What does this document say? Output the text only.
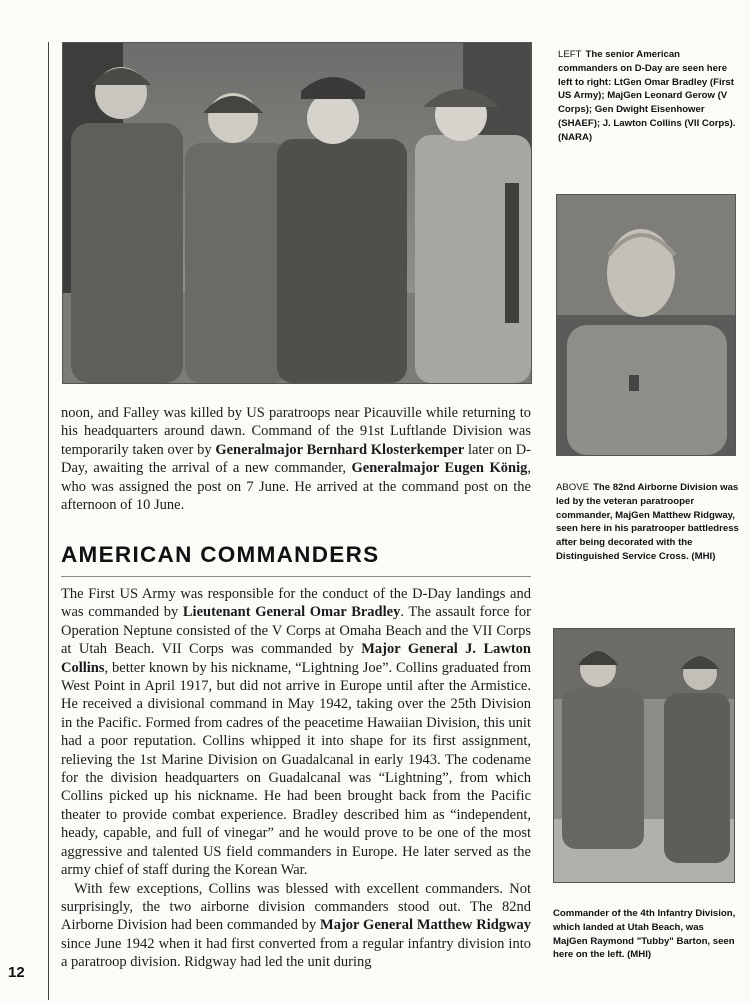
12
LEFT The senior American commanders on D-Day are seen here left to right: LtGen Omar Bradley (First US Army); MajGen Leonard Gerow (V Corps); Gen Dwight Eisenhower (SHAEF); J. Lawton Collins (VII Corps). (NARA)
ABOVE The 82nd Airborne Division was led by the veteran paratrooper commander, MajGen Matthew Ridgway, seen here in his paratrooper battledress after being decorated with the Distinguished Service Cross. (MHI)
Commander of the 4th Infantry Division, which landed at Utah Beach, was MajGen Raymond "Tubby" Barton, seen here on the left. (MHI)

noon, and Falley was killed by US paratroops near Picauville while returning to his headquarters around dawn. Command of the 91st Luftlande Division was temporarily taken over by Generalmajor Bernhard Klosterkemper later on D-Day, awaiting the arrival of a new commander, Generalmajor Eugen König, who was assigned the post on 7 June. He arrived at the command post on the afternoon of 10 June.

AMERICAN COMMANDERS

The First US Army was responsible for the conduct of the D-Day landings and was commanded by Lieutenant General Omar Bradley. The assault force for Operation Neptune consisted of the V Corps at Omaha Beach and the VII Corps at Utah Beach. VII Corps was commanded by Major General J. Lawton Collins, better known by his nickname, “Lightning Joe”. Collins graduated from West Point in April 1917, but did not arrive in Europe until after the Armistice. He received a divisional command in May 1942, taking over the 25th Division in the Pacific. Formed from cadres of the peacetime Hawaiian Division, this unit had a poor reputation. Collins whipped it into shape for its first assignment, relieving the 1st Marine Division on Guadalcanal in early 1943. The codename for the division headquarters on Guadalcanal was “Lightning”, from which Collins picked up his nickname. He had been brought back from the Pacific theater to provide combat experience. Bradley described him as “independent, heady, capable, and full of vinegar” and he would prove to be one of the most aggressive and talented US field commanders in Europe. He later served as the army chief of staff during the Korean War.

With few exceptions, Collins was blessed with excellent commanders. Not surprisingly, the two airborne division commanders stood out. The 82nd Airborne Division had been commanded by Major General Matthew Ridgway since June 1942 when it had first converted from a regular infantry division into a paratroop division. Ridgway had led the unit during
